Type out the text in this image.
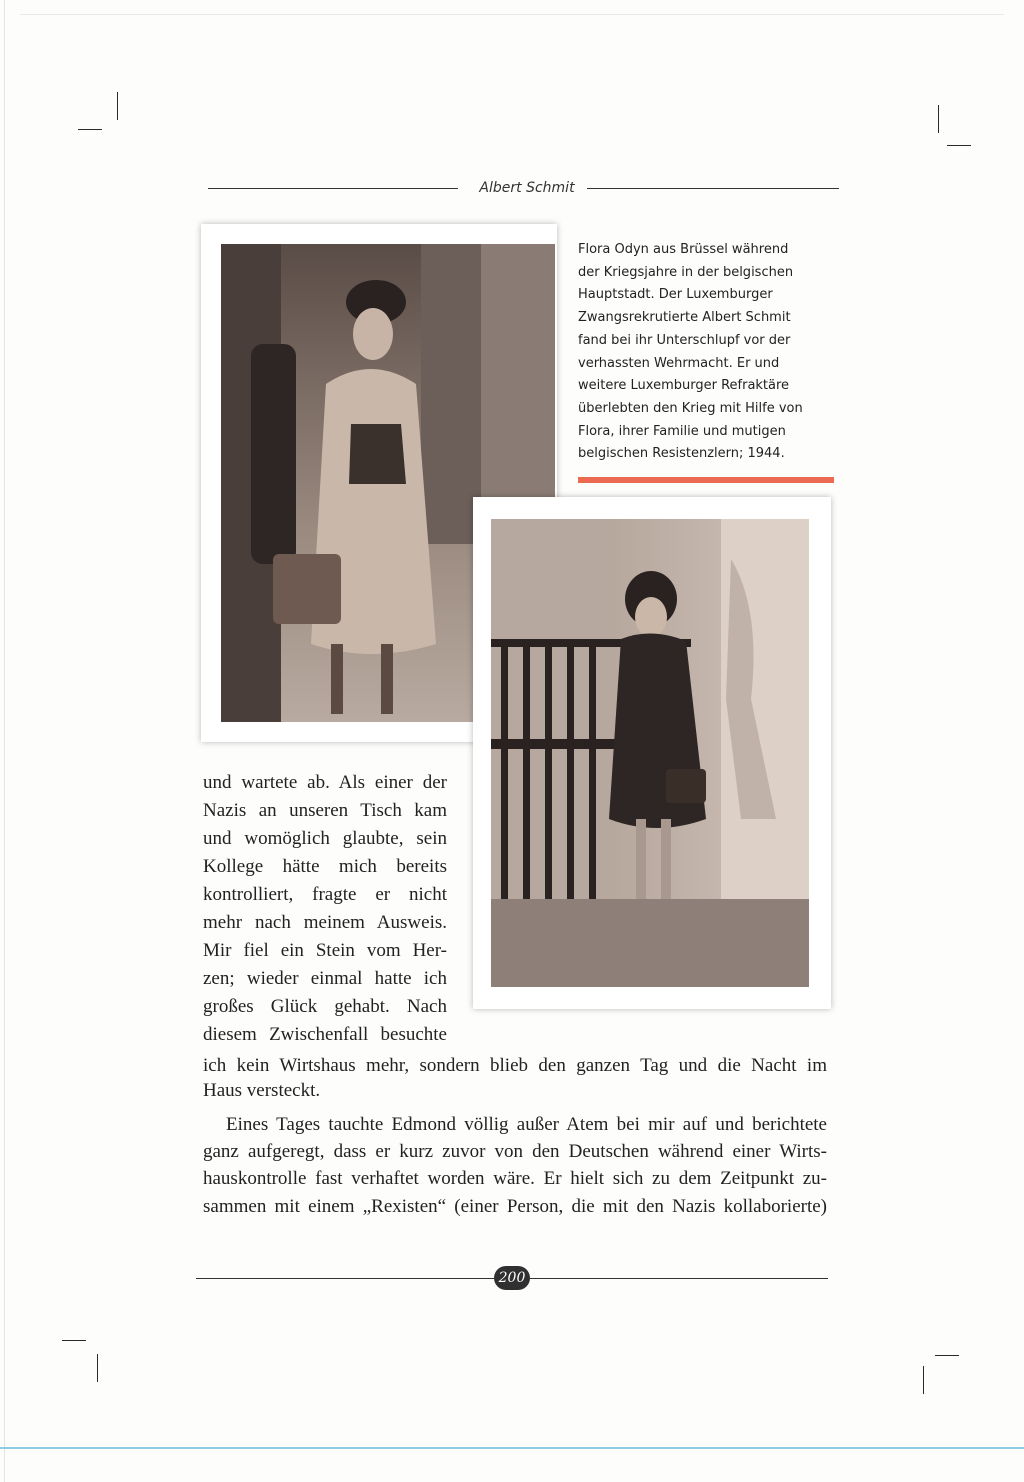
Albert Schmit
Flora Odyn aus Brüssel während
der Kriegsjahre in der belgischen
Hauptstadt. Der Luxemburger
Zwangsrekrutierte Albert Schmit
fand bei ihr Unterschlupf vor der
verhassten Wehrmacht. Er und
weitere Luxemburger Refraktäre
überlebten den Krieg mit Hilfe von
Flora, ihrer Familie und mutigen
belgischen Resistenzlern; 1944.
und wartete ab. Als einer der
Nazis an unseren Tisch kam
und womöglich glaubte, sein
Kollege hätte mich bereits
kontrolliert, fragte er nicht
mehr nach meinem Ausweis.
Mir fiel ein Stein vom Her-
zen; wieder einmal hatte ich
großes Glück gehabt. Nach
diesem Zwischenfall besuchte
ich kein Wirtshaus mehr, sondern blieb den ganzen Tag und die Nacht im
Haus versteckt.
Eines Tages tauchte Edmond völlig außer Atem bei mir auf und berichtete
ganz aufgeregt, dass er kurz zuvor von den Deutschen während einer Wirts-
hauskontrolle fast verhaftet worden wäre. Er hielt sich zu dem Zeitpunkt zu-
sammen mit einem „Rexisten“ (einer Person, die mit den Nazis kollaborierte)
200
